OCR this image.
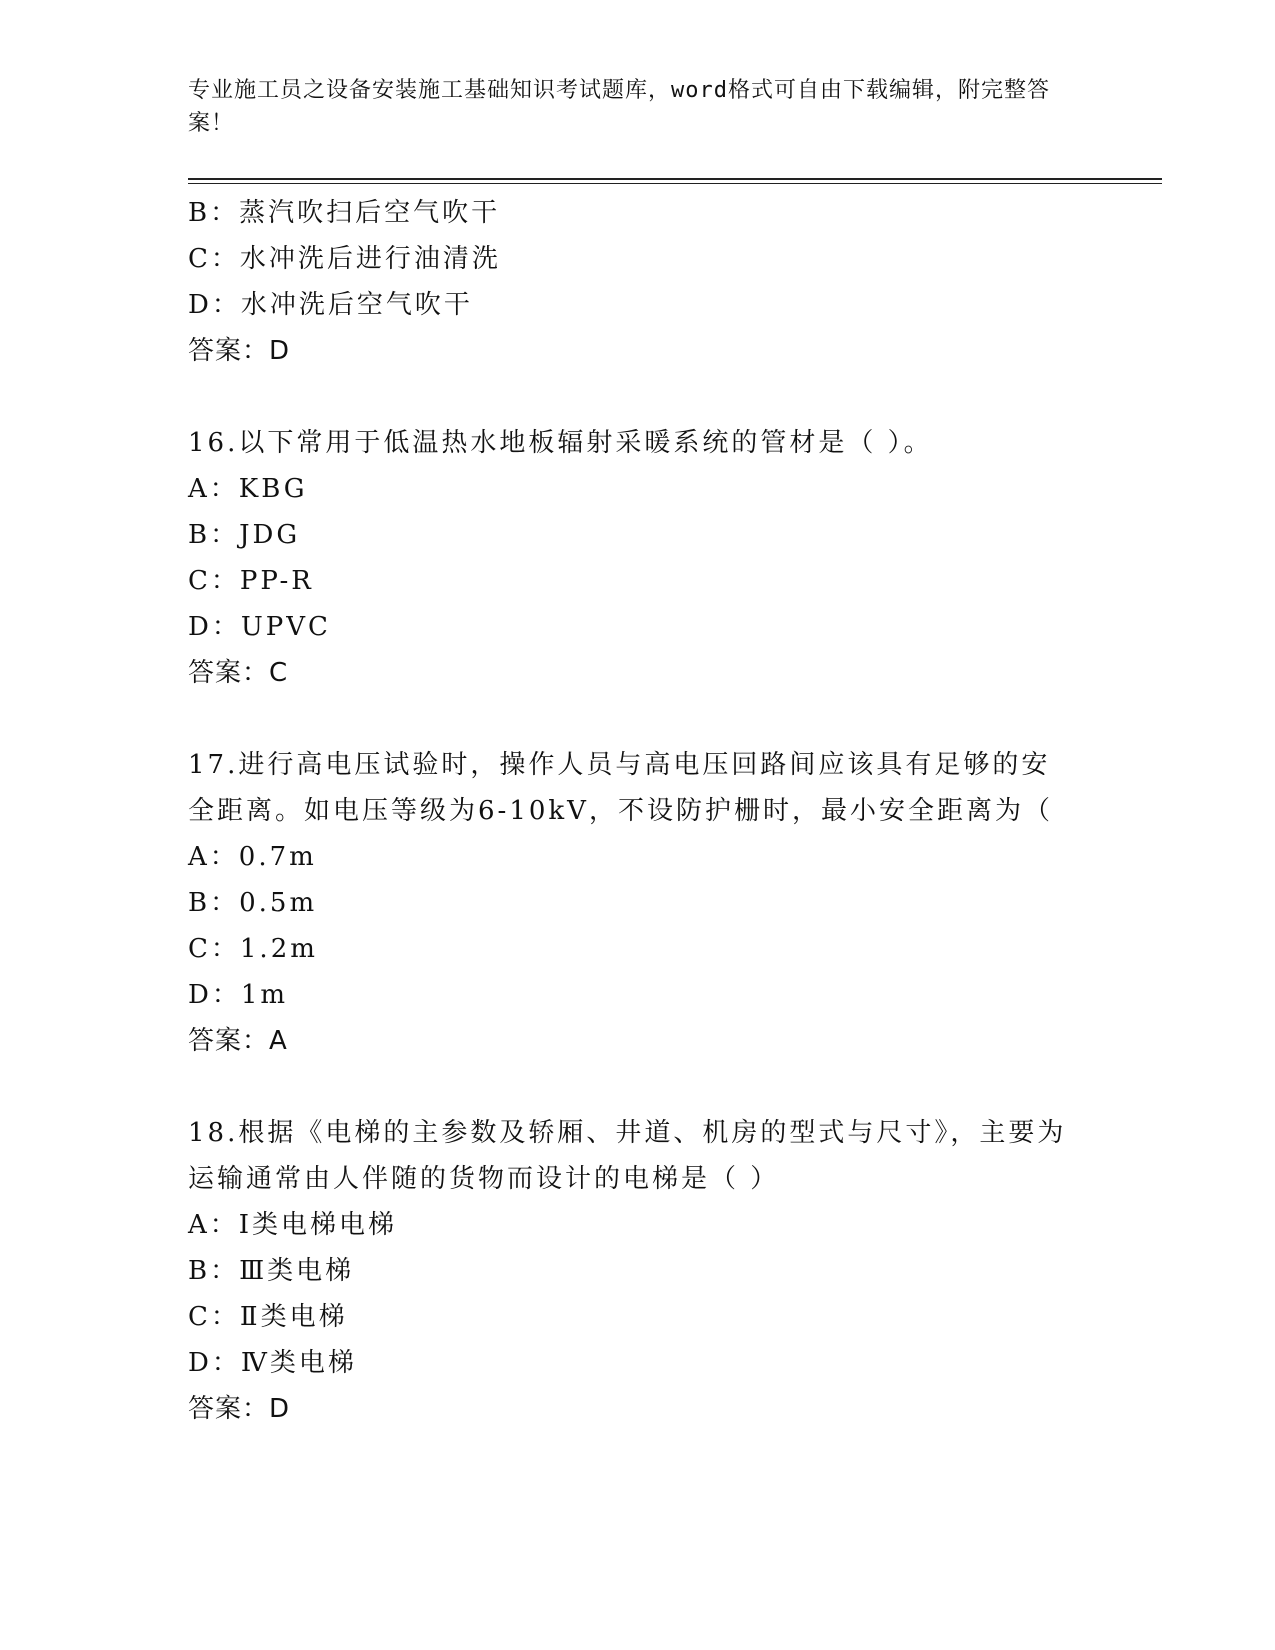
专业施工员之设备安装施工基础知识考试题库，word格式可自由下载编辑，附完整答案！
B：蒸汽吹扫后空气吹干
C：水冲洗后进行油清洗
D：水冲洗后空气吹干
答案：D
16.以下常用于低温热水地板辐射采暖系统的管材是（ ）。
A：KBG
B：JDG
C：PP-R
D：UPVC
答案：C
17.进行高电压试验时，操作人员与高电压回路间应该具有足够的安全距离。如电压等级为6-10kV，不设防护栅时，最小安全距离为（
A：0.7m
B：0.5m
C：1.2m
D：1m
答案：A
18.根据《电梯的主参数及轿厢、井道、机房的型式与尺寸》，主要为运输通常由人伴随的货物而设计的电梯是（ ）
A：Ⅰ类电梯电梯
B：Ⅲ类电梯
C：Ⅱ类电梯
D：Ⅳ类电梯
答案：D
